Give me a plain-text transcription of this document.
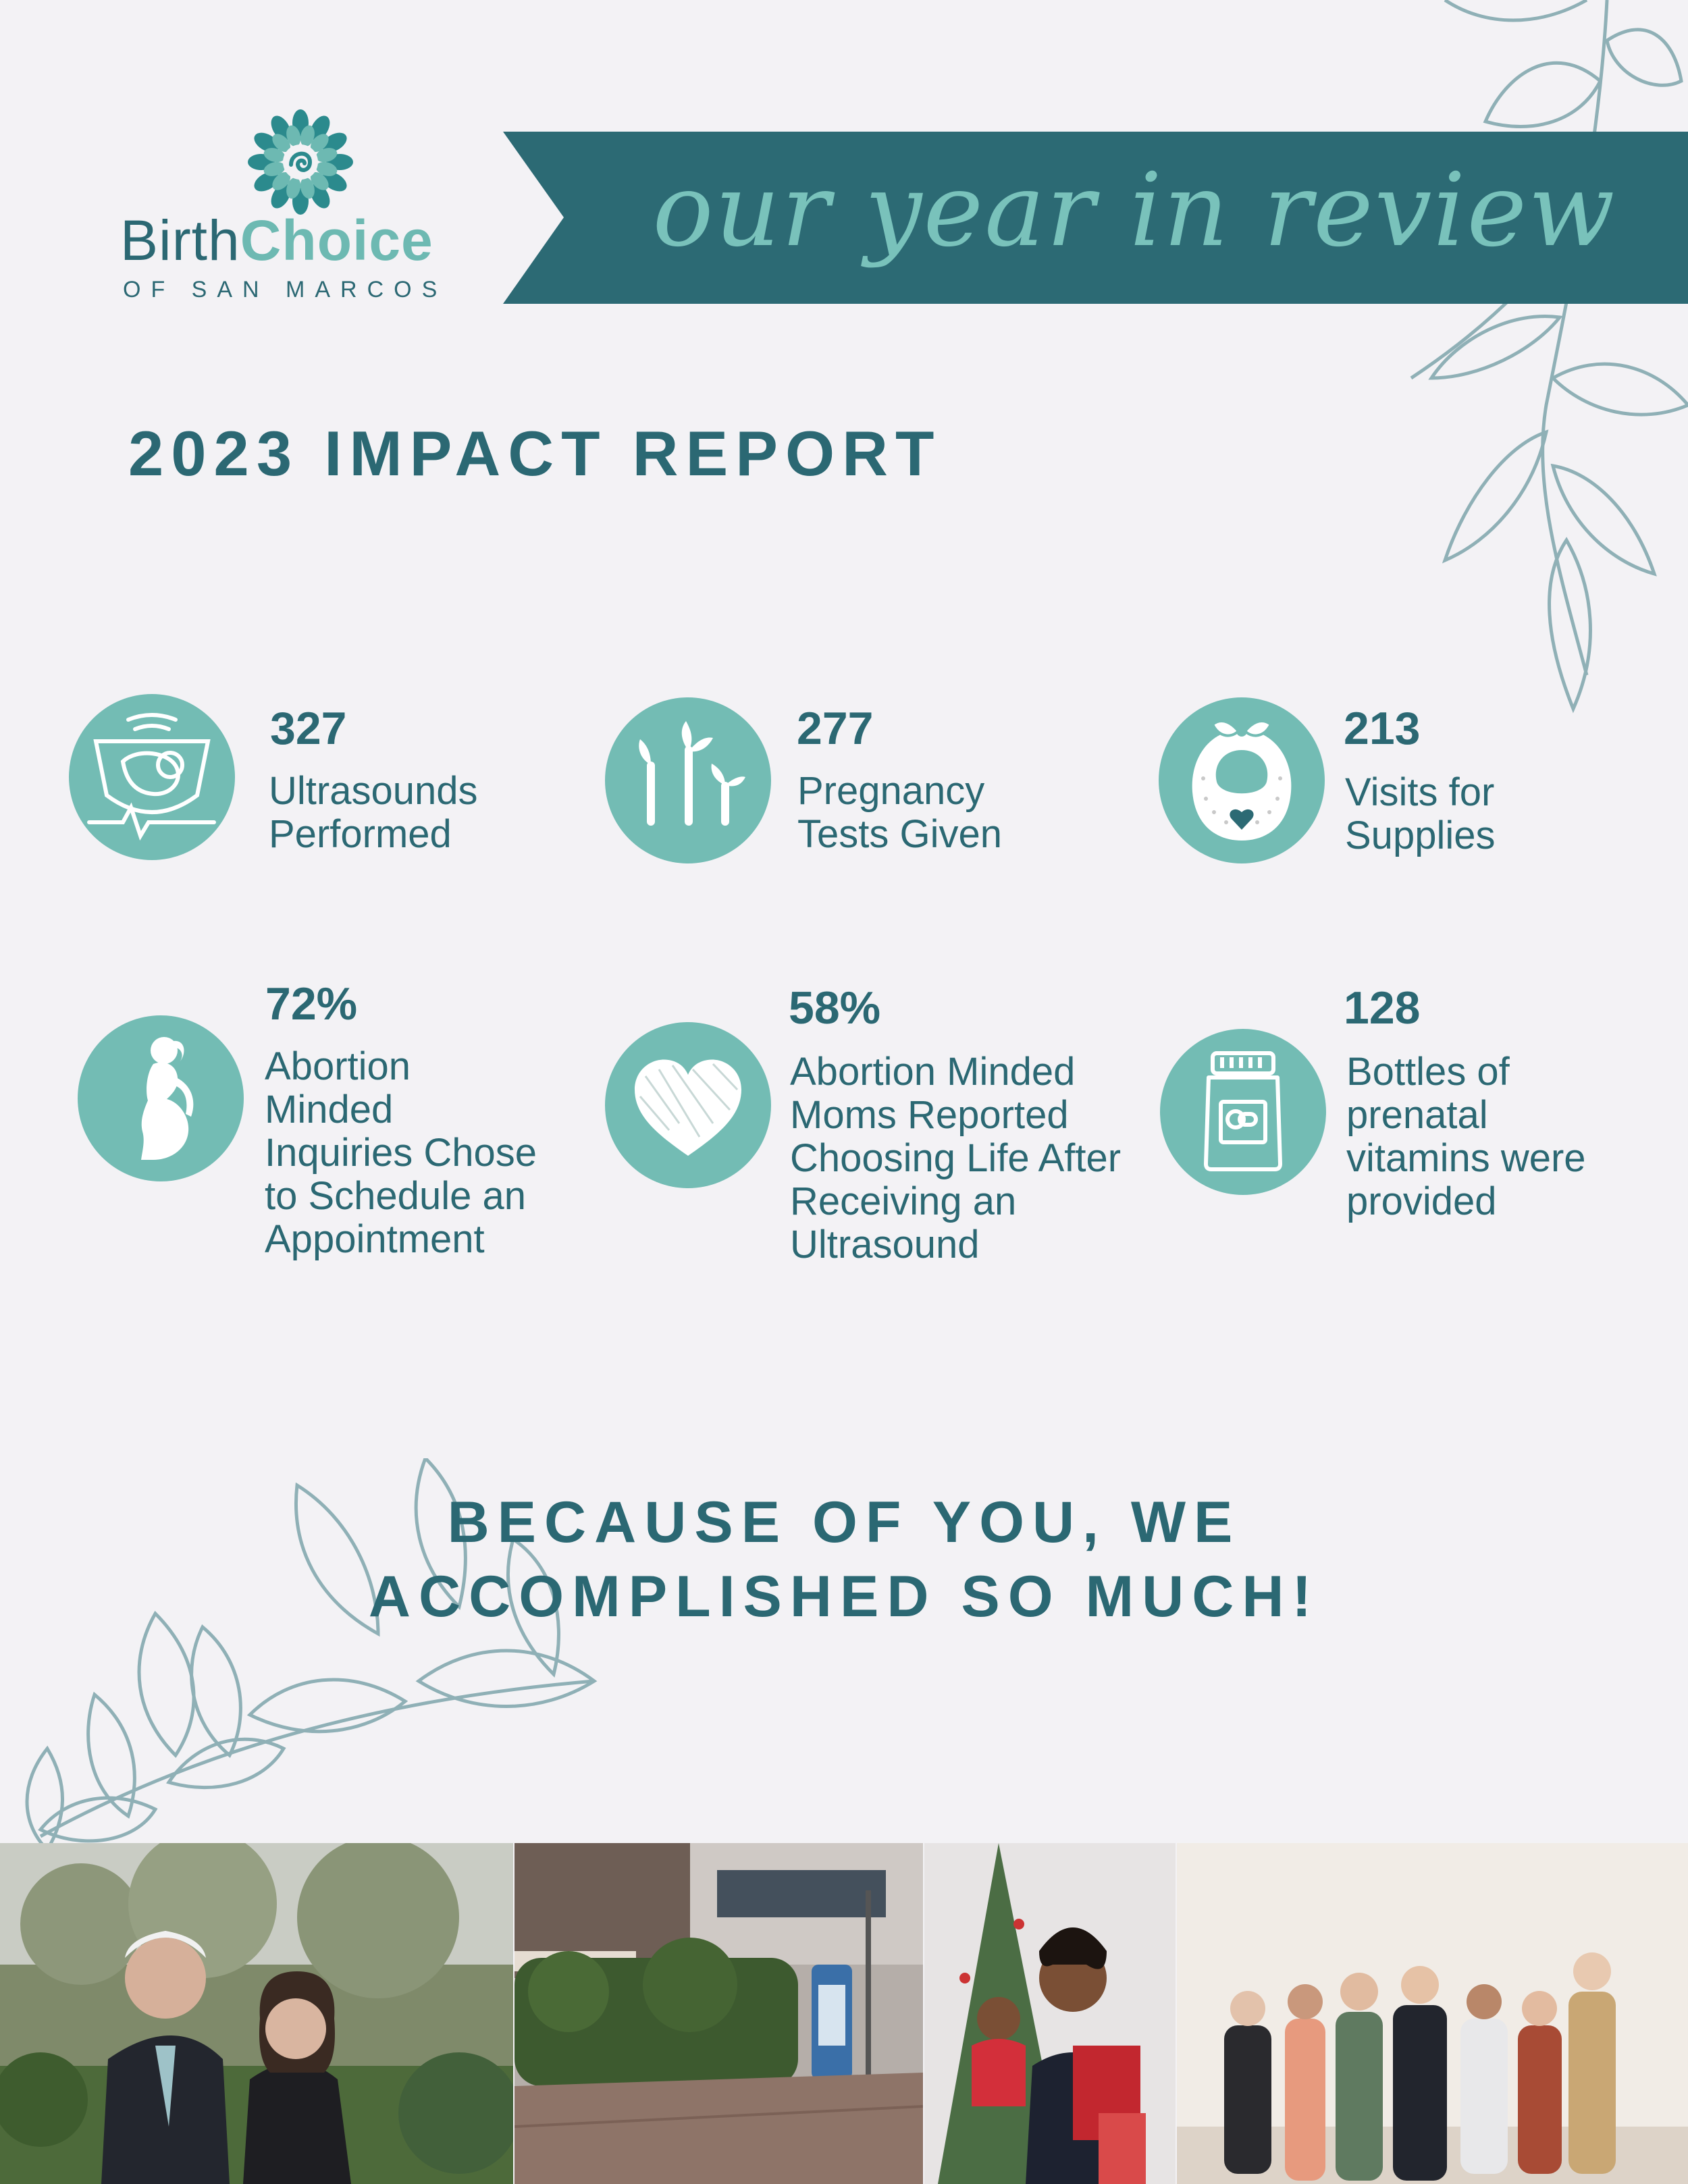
BirthChoice
OF SAN MARCOS
our year in review
2023 IMPACT REPORT
327
Ultrasounds
Performed
277
Pregnancy
Tests Given
213
Visits for
Supplies
72%
Abortion
Minded
Inquiries Chose
to Schedule an
Appointment
58%
Abortion Minded
Moms Reported
Choosing Life After
Receiving an
Ultrasound
128
Bottles of
prenatal
vitamins were
provided
BECAUSE OF YOU, WE
ACCOMPLISHED SO MUCH!
